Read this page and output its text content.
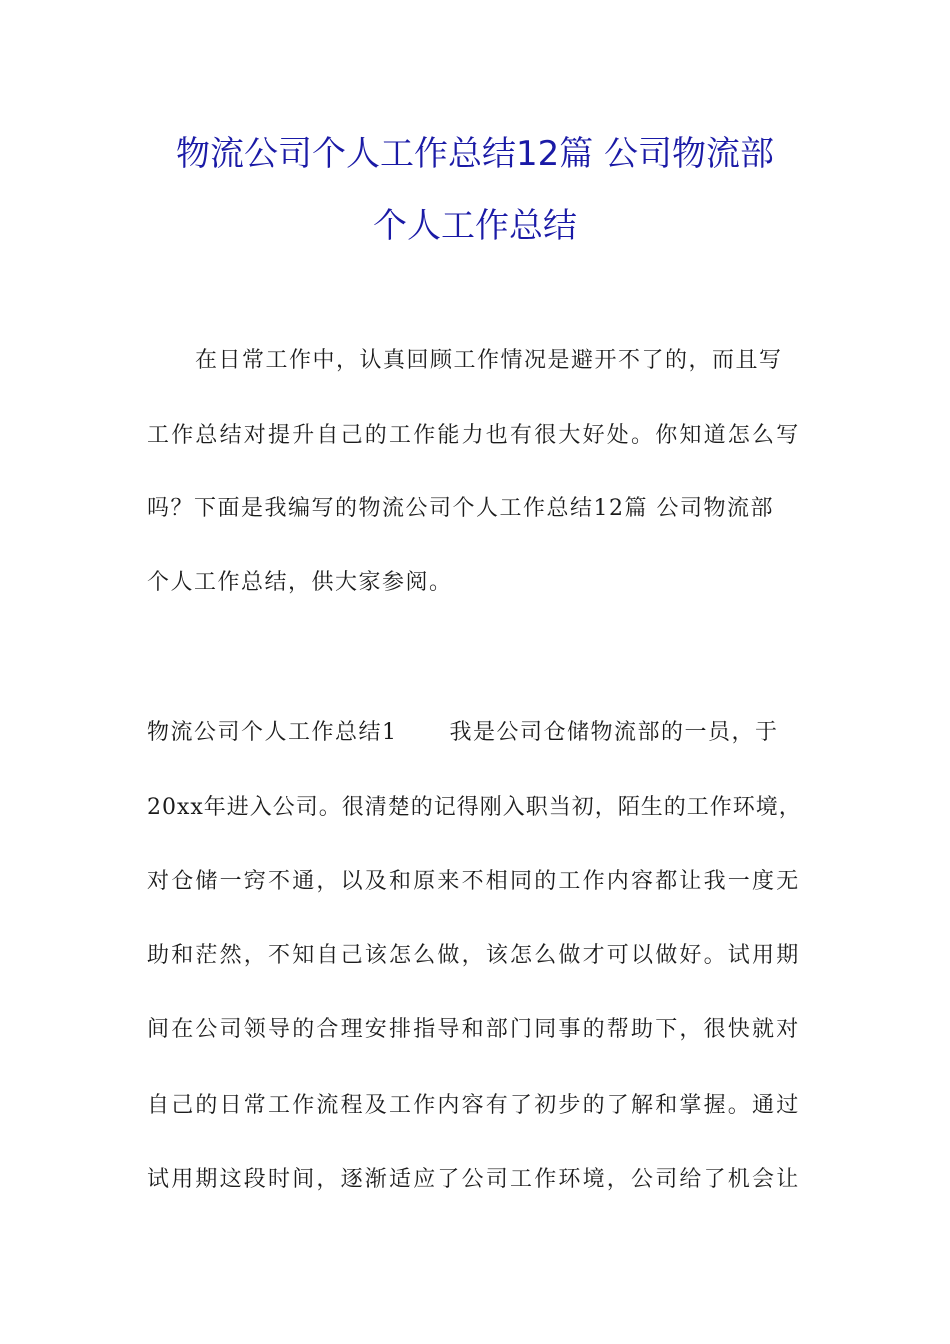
物流公司个人工作总结12篇 公司物流部
个人工作总结
在日常工作中，认真回顾工作情况是避开不了的，而且写
工作总结对提升自己的工作能力也有很大好处。你知道怎么写
吗？下面是我编写的物流公司个人工作总结12篇 公司物流部
个人工作总结，供大家参阅。
物流公司个人工作总结1 我是公司仓储物流部的一员，于
20xx年进入公司。很清楚的记得刚入职当初，陌生的工作环境，
对仓储一窍不通，以及和原来不相同的工作内容都让我一度无
助和茫然，不知自己该怎么做，该怎么做才可以做好。试用期
间在公司领导的合理安排指导和部门同事的帮助下，很快就对
自己的日常工作流程及工作内容有了初步的了解和掌握。通过
试用期这段时间，逐渐适应了公司工作环境，公司给了机会让
